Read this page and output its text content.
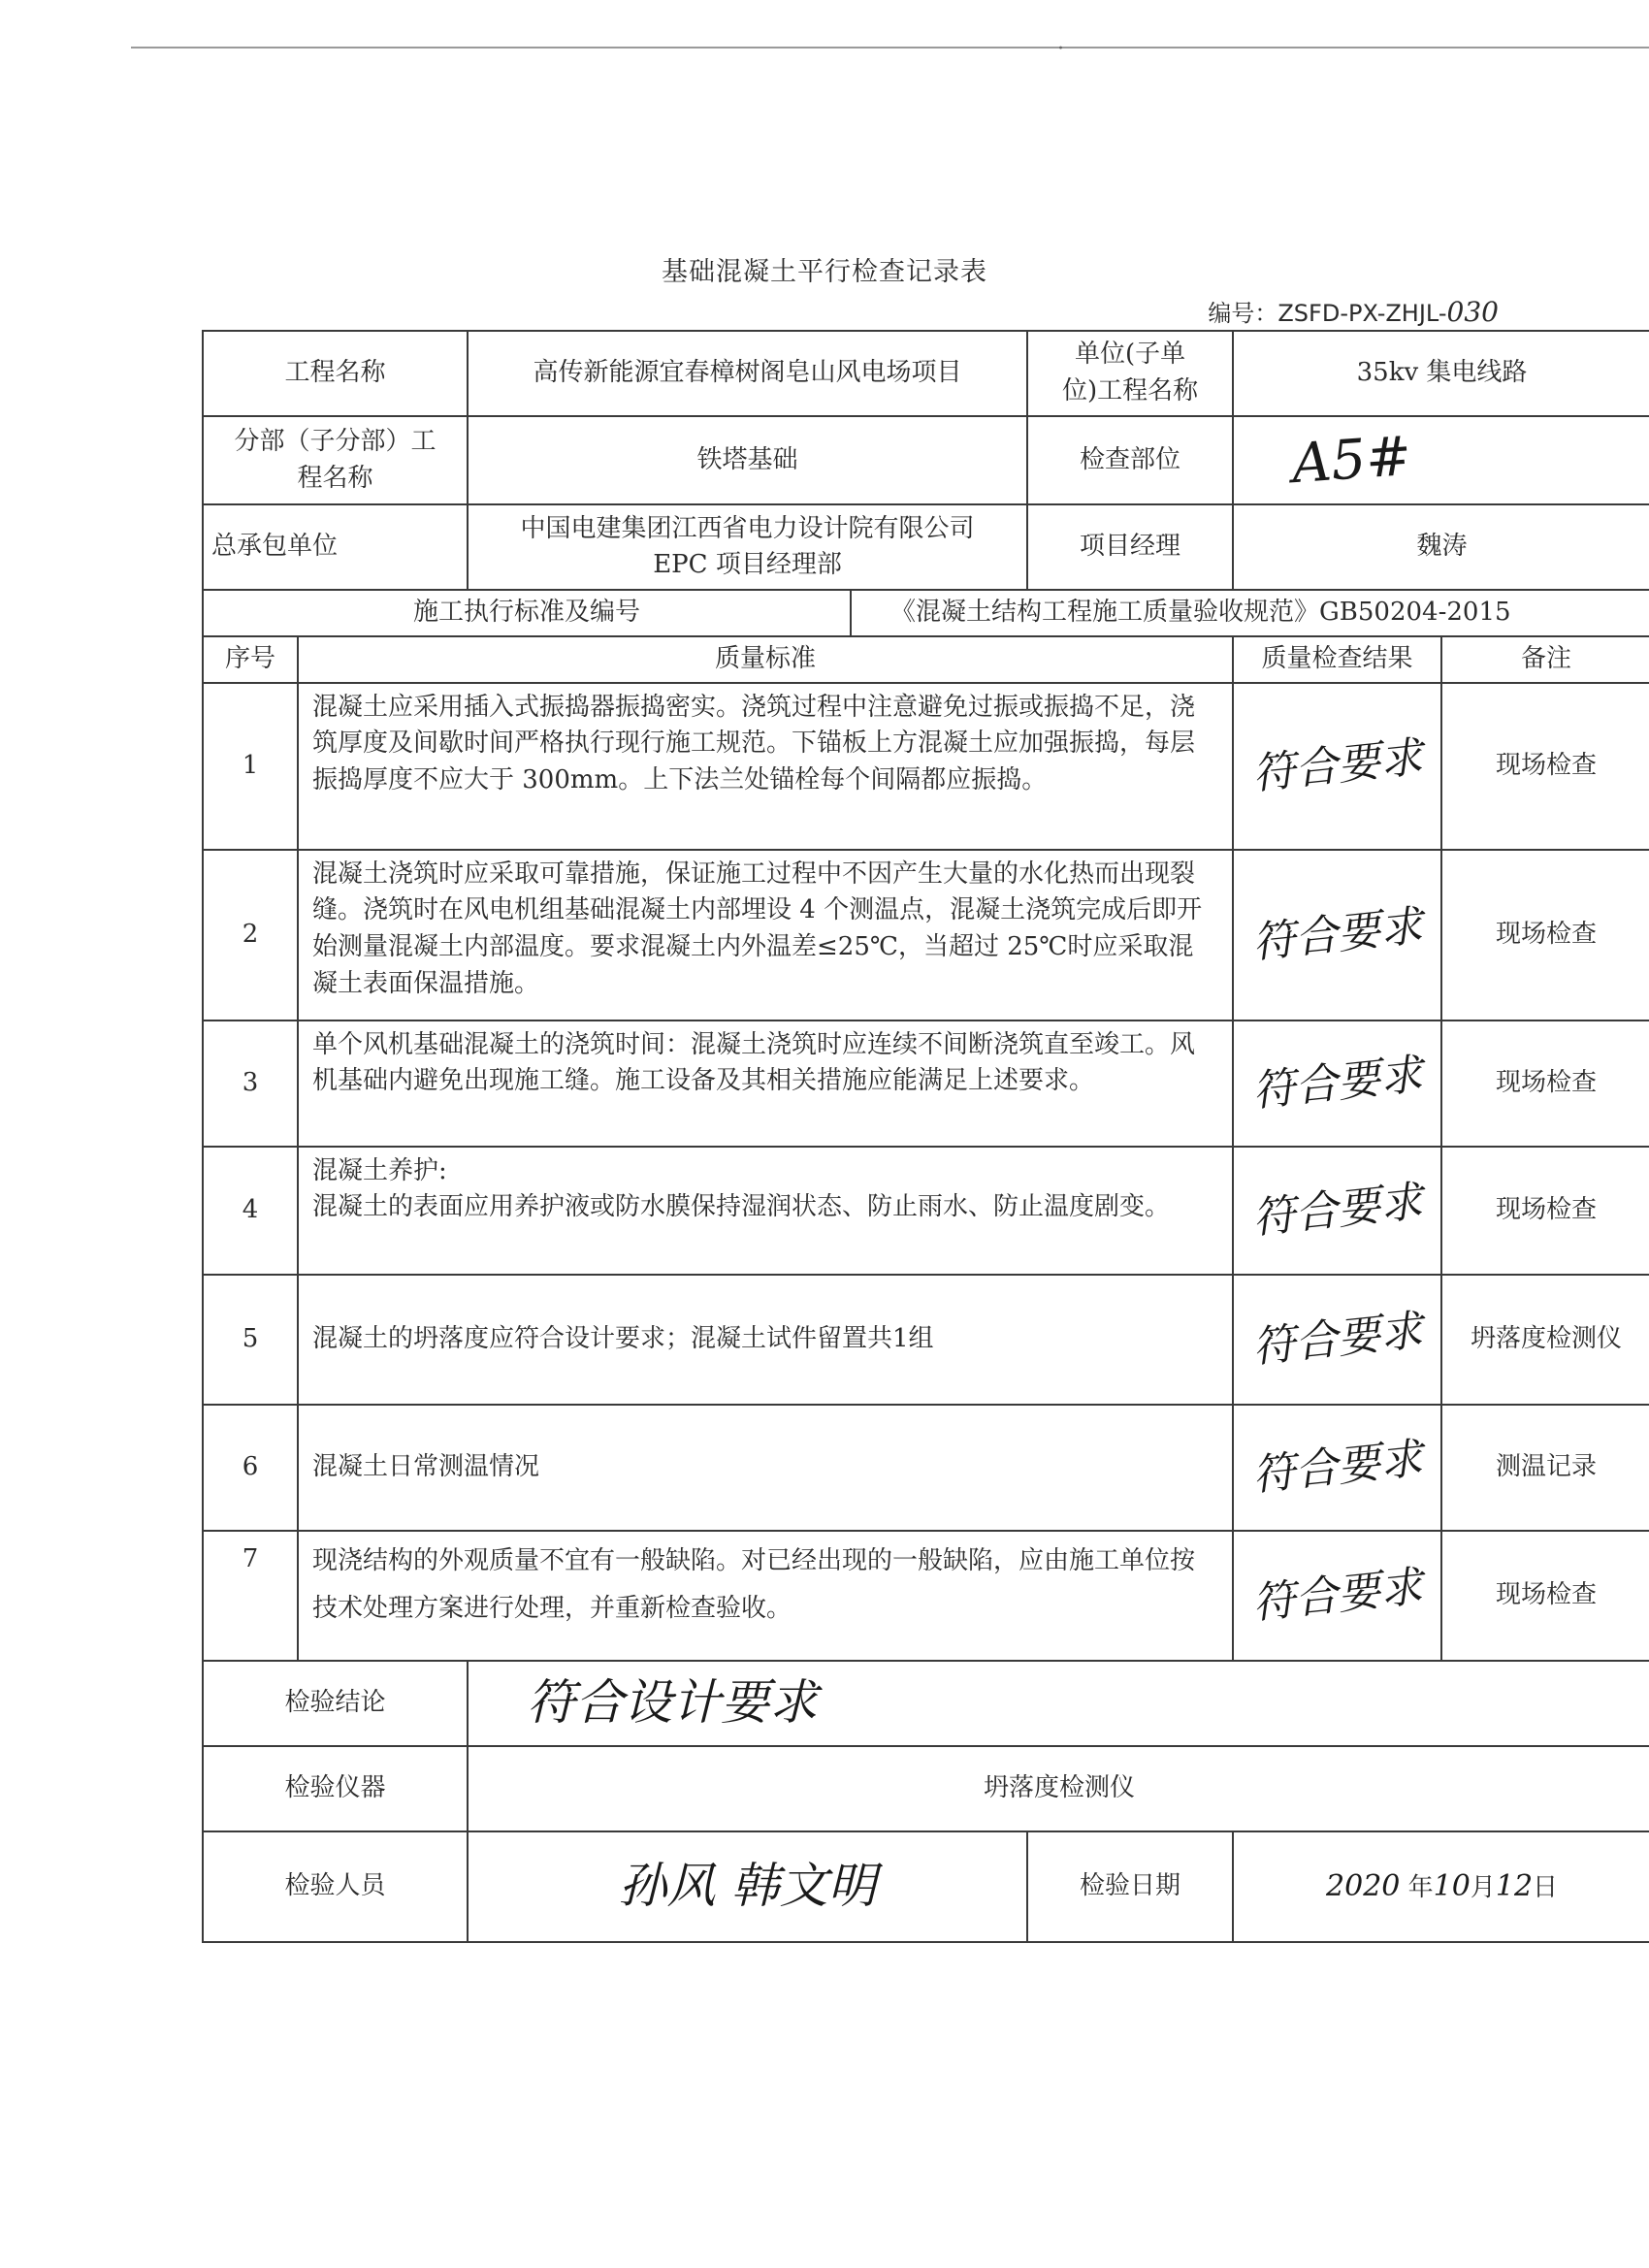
·
基础混凝土平行检查记录表
编号：ZSFD-PX-ZHJL-030
工程名称		高传新能源宜春樟树阁皂山风电场项目		单位(子单位)工程名称	35kv 集电线路	
分部（子分部）工程名称		铁塔基础		检查部位	A5#	
总承包单位		中国电建集团江西省电力设计院有限公司 EPC 项目经理部		项目经理	魏涛	
施工执行标准及编号			《混凝土结构工程施工质量验收规范》GB50204-2015			
序号	质量标准				质量检查结果	备注
1	混凝土应采用插入式振捣器振捣密实。浇筑过程中注意避免过振或振捣不足，浇筑厚度及间歇时间严格执行现行施工规范。下锚板上方混凝土应加强振捣，每层振捣厚度不应大于 300mm。上下法兰处锚栓每个间隔都应振捣。				符合要求	现场检查
2	混凝土浇筑时应采取可靠措施，保证施工过程中不因产生大量的水化热而出现裂缝。浇筑时在风电机组基础混凝土内部埋设 4 个测温点，混凝土浇筑完成后即开始测量混凝土内部温度。要求混凝土内外温差≤25℃，当超过 25℃时应采取混凝土表面保温措施。				符合要求	现场检查
3	单个风机基础混凝土的浇筑时间：混凝土浇筑时应连续不间断浇筑直至竣工。风机基础内避免出现施工缝。施工设备及其相关措施应能满足上述要求。				符合要求	现场检查
4	混凝土养护:
混凝土的表面应用养护液或防水膜保持湿润状态、防止雨水、防止温度剧变。				符合要求	现场检查
5	混凝土的坍落度应符合设计要求；混凝土试件留置共1组				符合要求	坍落度检测仪
6	混凝土日常测温情况				符合要求	测温记录
7	现浇结构的外观质量不宜有一般缺陷。对已经出现的一般缺陷，应由施工单位按技术处理方案进行处理，并重新检查验收。				符合要求	现场检查
检验结论		符合设计要求				
检验仪器		坍落度检测仪				
检验人员		孙风 韩文明		检验日期	2020 年10月12日	
